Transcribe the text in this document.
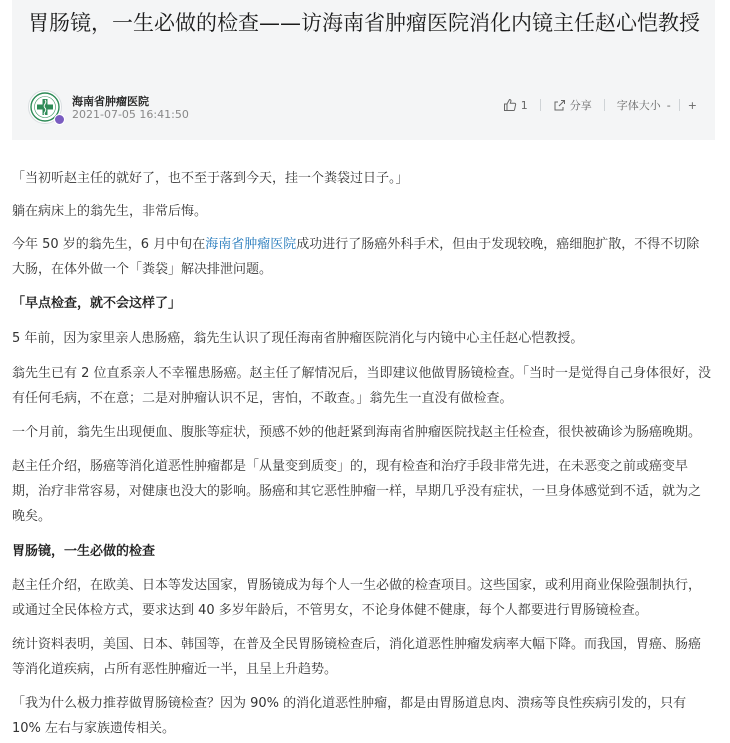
胃肠镜，一生必做的检查——访海南省肿瘤医院消化内镜主任赵心恺教授
海南省肿瘤医院
2021-07-05 16:41:50
1	分享 字体大小 - +

「当初听赵主任的就好了，也不至于落到今天，挂一个粪袋过日子。」

躺在病床上的翁先生，非常后悔。

今年 50 岁的翁先生，6 月中旬在海南省肿瘤医院成功进行了肠癌外科手术，但由于发现较晚，癌细胞扩散，不得不切除大肠，在体外做一个「粪袋」解决排泄问题。

「早点检查，就不会这样了」

5 年前，因为家里亲人患肠癌，翁先生认识了现任海南省肿瘤医院消化与内镜中心主任赵心恺教授。

翁先生已有 2 位直系亲人不幸罹患肠癌。赵主任了解情况后，当即建议他做胃肠镜检查。「当时一是觉得自己身体很好，没有任何毛病，不在意；二是对肿瘤认识不足，害怕，不敢查。」翁先生一直没有做检查。

一个月前，翁先生出现便血、腹胀等症状，预感不妙的他赶紧到海南省肿瘤医院找赵主任检查，很快被确诊为肠癌晚期。

赵主任介绍，肠癌等消化道恶性肿瘤都是「从量变到质变」的，现有检查和治疗手段非常先进，在未恶变之前或癌变早期，治疗非常容易，对健康也没大的影响。肠癌和其它恶性肿瘤一样，早期几乎没有症状，一旦身体感觉到不适，就为之晚矣。

胃肠镜，一生必做的检查

赵主任介绍，在欧美、日本等发达国家，胃肠镜成为每个人一生必做的检查项目。这些国家，或利用商业保险强制执行，或通过全民体检方式，要求达到 40 多岁年龄后，不管男女，不论身体健不健康，每个人都要进行胃肠镜检查。

统计资料表明，美国、日本、韩国等，在普及全民胃肠镜检查后，消化道恶性肿瘤发病率大幅下降。而我国，胃癌、肠癌等消化道疾病，占所有恶性肿瘤近一半，且呈上升趋势。

「我为什么极力推荐做胃肠镜检查？因为 90% 的消化道恶性肿瘤，都是由胃肠道息肉、溃疡等良性疾病引发的，只有 10% 左右与家族遗传相关。
